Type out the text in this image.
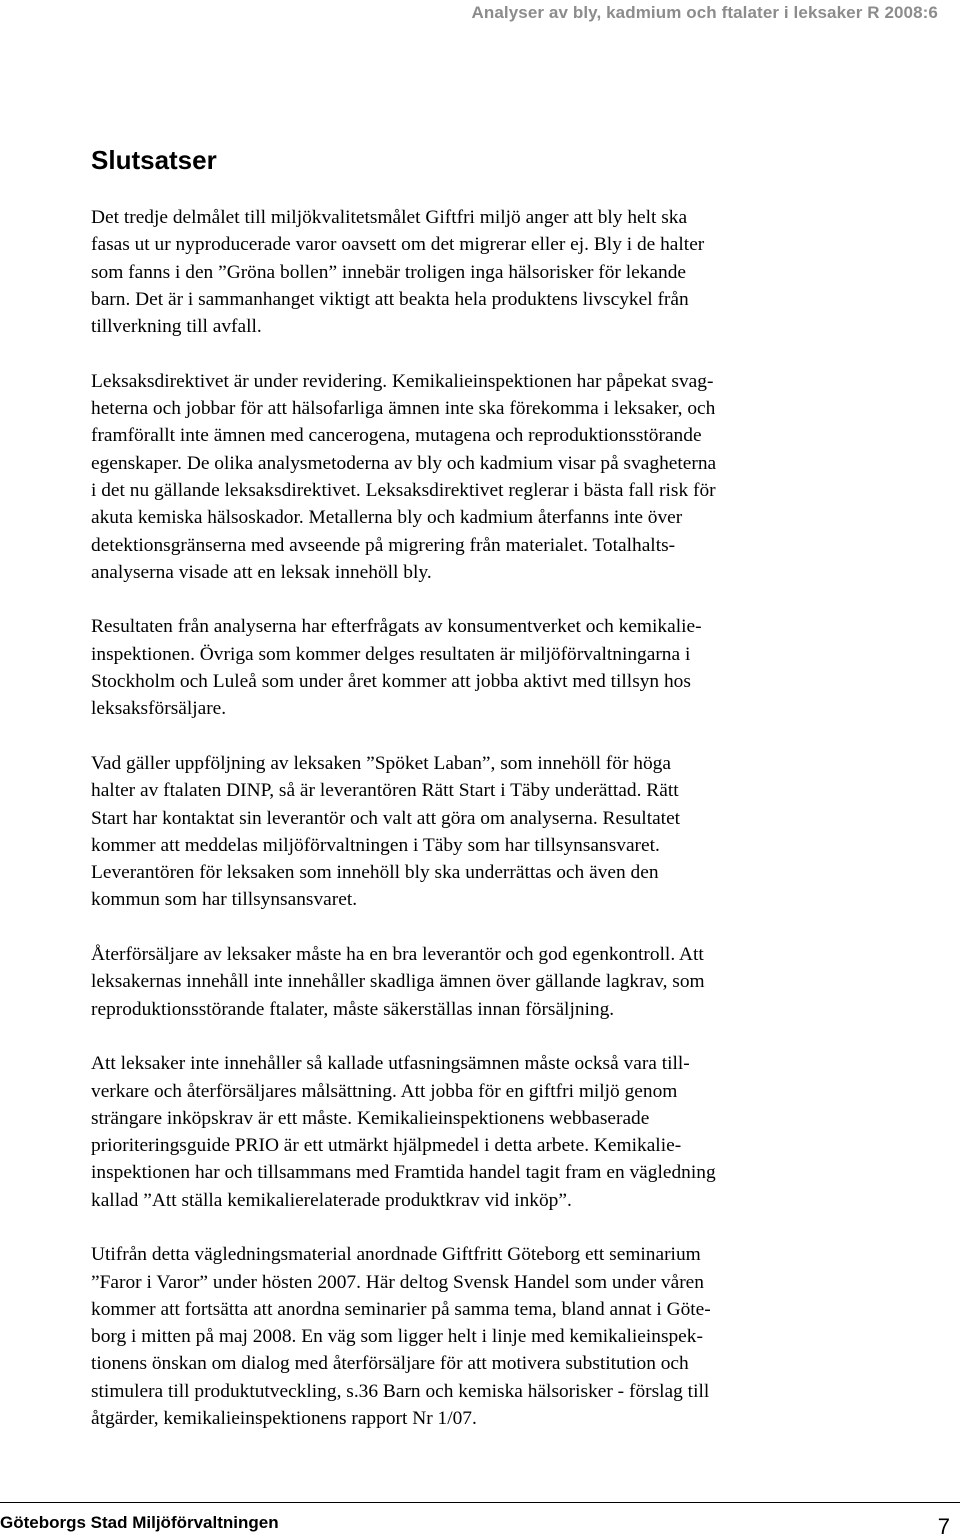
Analyser av bly, kadmium och ftalater i leksaker R 2008:6
Slutsatser

Det tredje delmålet till miljökvalitetsmålet Giftfri miljö anger att bly helt ska
fasas ut ur nyproducerade varor oavsett om det migrerar eller ej. Bly i de halter
som fanns i den ”Gröna bollen” innebär troligen inga hälsorisker för lekande
barn. Det är i sammanhanget viktigt att beakta hela produktens livscykel från
tillverkning till avfall.

Leksaksdirektivet är under revidering. Kemikalieinspektionen har påpekat svag-
heterna och jobbar för att hälsofarliga ämnen inte ska förekomma i leksaker, och
framförallt inte ämnen med cancerogena, mutagena och reproduktionsstörande
egenskaper. De olika analysmetoderna av bly och kadmium visar på svagheterna
i det nu gällande leksaksdirektivet. Leksaksdirektivet reglerar i bästa fall risk för
akuta kemiska hälsoskador. Metallerna bly och kadmium återfanns inte över
detektionsgränserna med avseende på migrering från materialet. Totalhalts-
analyserna visade att en leksak innehöll bly.

Resultaten från analyserna har efterfrågats av konsumentverket och kemikalie-
inspektionen. Övriga som kommer delges resultaten är miljöförvaltningarna i
Stockholm och Luleå som under året kommer att jobba aktivt med tillsyn hos
leksaksförsäljare.

Vad gäller uppföljning av leksaken ”Spöket Laban”, som innehöll för höga
halter av ftalaten DINP, så är leverantören Rätt Start i Täby underättad. Rätt
Start har kontaktat sin leverantör och valt att göra om analyserna. Resultatet
kommer att meddelas miljöförvaltningen i Täby som har tillsynsansvaret.
Leverantören för leksaken som innehöll bly ska underrättas och även den
kommun som har tillsynsansvaret.

Återförsäljare av leksaker måste ha en bra leverantör och god egenkontroll. Att
leksakernas innehåll inte innehåller skadliga ämnen över gällande lagkrav, som
reproduktionsstörande ftalater, måste säkerställas innan försäljning.

Att leksaker inte innehåller så kallade utfasningsämnen måste också vara till-
verkare och återförsäljares målsättning. Att jobba för en giftfri miljö genom
strängare inköpskrav är ett måste. Kemikalieinspektionens webbaserade
prioriteringsguide PRIO är ett utmärkt hjälpmedel i detta arbete. Kemikalie-
inspektionen har och tillsammans med Framtida handel tagit fram en vägledning
kallad ”Att ställa kemikalierelaterade produktkrav vid inköp”.

Utifrån detta vägledningsmaterial anordnade Giftfritt Göteborg ett seminarium
”Faror i Varor” under hösten 2007. Här deltog Svensk Handel som under våren
kommer att fortsätta att anordna seminarier på samma tema, bland annat i Göte-
borg i mitten på maj 2008. En väg som ligger helt i linje med kemikalieinspek-
tionens önskan om dialog med återförsäljare för att motivera substitution och
stimulera till produktutveckling, s.36 Barn och kemiska hälsorisker - förslag till
åtgärder, kemikalieinspektionens rapport Nr 1/07.

Göteborgs Stad Miljöförvaltningen	7
